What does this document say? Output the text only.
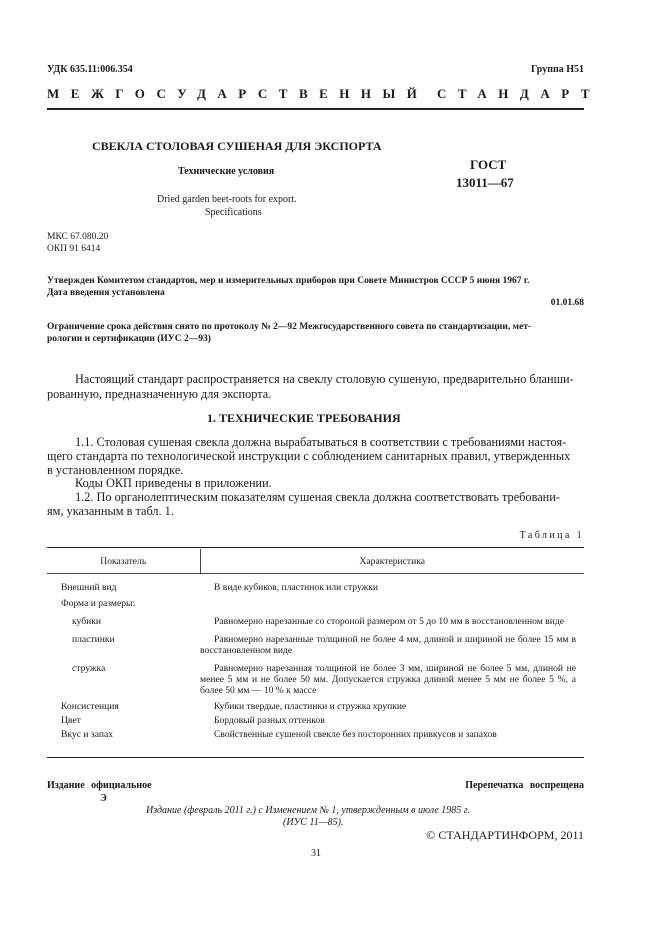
УДК 635.11:006.354	Группа Н51
МЕЖГОСУДАРСТВЕННЫЙ СТАНДАРТ
СВЕКЛА СТОЛОВАЯ СУШЕНАЯ ДЛЯ ЭКСПОРТА
Технические условия
Dried garden beet-roots for export.
Specifications
ГОСТ
13011—67
МКС 67.080.20
ОКП 91 6414
Утвержден Комитетом стандартов, мер и измерительных приборов при Совете Министров СССР 5 июня 1967 г.
Дата введения установлена
01.01.68
Ограничение срока действия снято по протоколу № 2—92 Межгосударственного совета по стандартизации, мет-
рологии и сертификации (ИУС 2—93)
Настоящий стандарт распространяется на свеклу столовую сушеную, предварительно бланши-
рованную, предназначенную для экспорта.
1. ТЕХНИЧЕСКИЕ ТРЕБОВАНИЯ
1.1. Столовая сушеная свекла должна вырабатываться в соответствии с требованиями настоя-
щего стандарта по технологической инструкции с соблюдением санитарных правил, утвержденных
в установленном порядке.
Коды ОКП приведены в приложении.
1.2. По органолептическим показателям сушеная свекла должна соответствовать требовани-
ям, указанным в табл. 1.
Таблица 1
Показатель	Характеристика
Внешний вид	В виде кубиков, пластинок или стружки

Форма и размеры:	

кубики	Равномерно нарезанные со стороной размером от 5 до 10 мм в восстановленном виде

пластинки	Равномерно нарезанные толщиной не более 4 мм, длиной и шириной не более 15 мм в восстановленном виде

стружка	Равномерно нарезанная толщиной не более 3 мм, шириной не более 5 мм, длиной не менее 5 мм и не более 50 мм. Допускается стружка длиной менее 5 мм не более 5 %, а более 50 мм — 10 % к массе

Консистенция	Кубики твердые, пластинки и стружка хрупкие

Цвет	Бордовый разных оттенков

Вкус и запах	Свойственные сушеной свекле без посторонних привкусов и запахов
Издание официальное	Перепечатка воспрещена
Э
Издание (февраль 2011 г.) с Изменением № 1, утвержденным в июле 1985 г.
(ИУС 11—85).
© СТАНДАРТИНФОРМ, 2011
31
